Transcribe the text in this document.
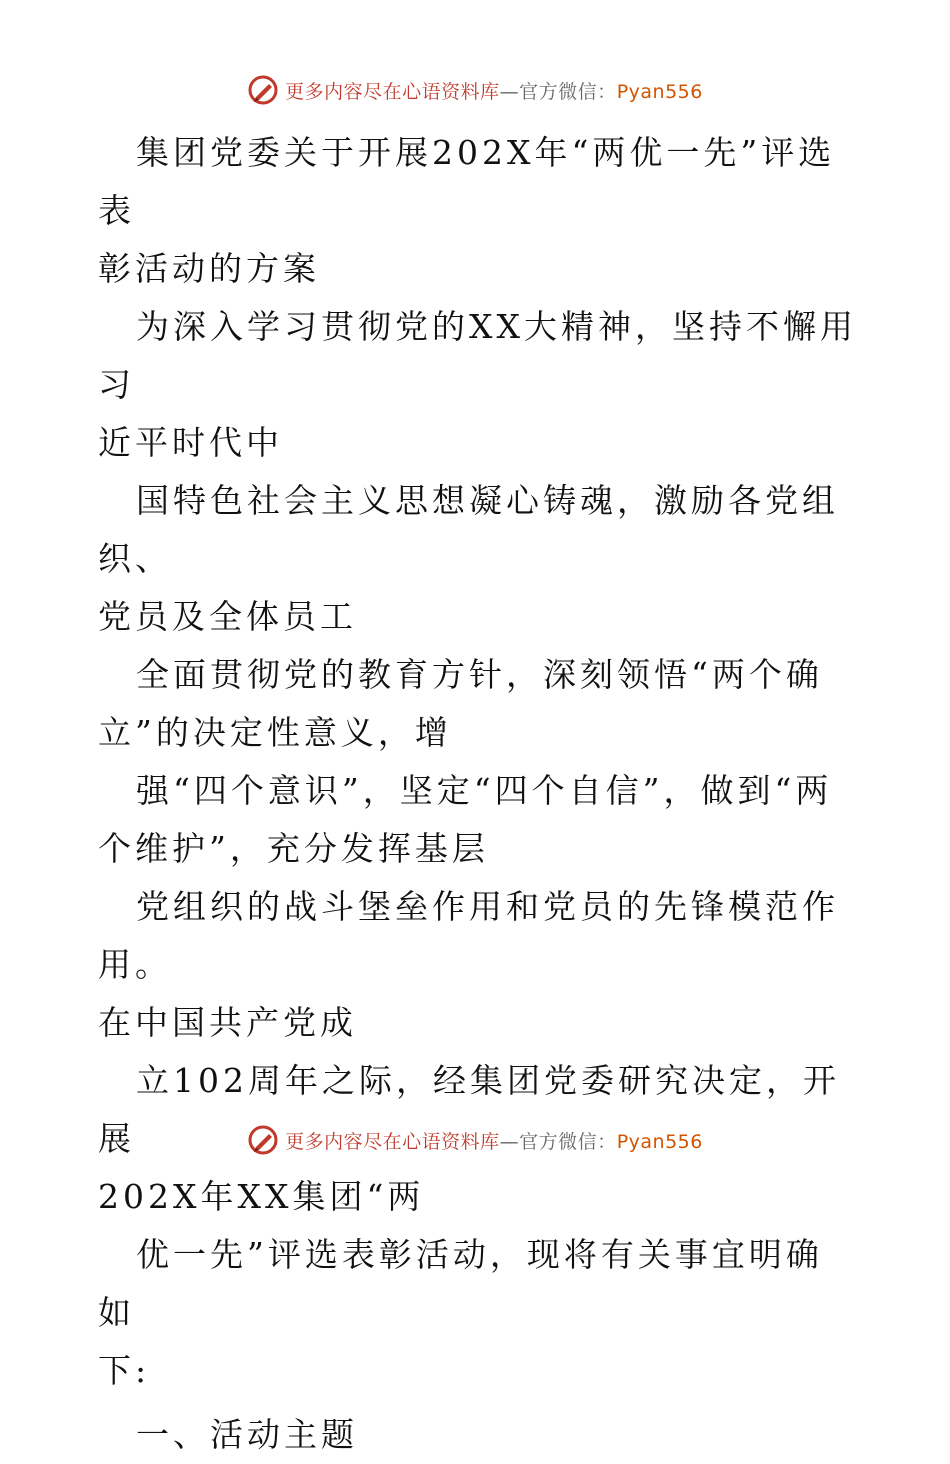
更多内容尽在心语资料库—官方微信：Pyan556

集团党委关于开展202X年“两优一先”评选表
彰活动的方案

为深入学习贯彻党的XX大精神，坚持不懈用习
近平时代中

国特色社会主义思想凝心铸魂，激励各党组织、
党员及全体员工

全面贯彻党的教育方针，深刻领悟“两个确
立”的决定性意义，增

强“四个意识”，坚定“四个自信”，做到“两
个维护”，充分发挥基层

党组织的战斗堡垒作用和党员的先锋模范作用。
在中国共产党成

立102周年之际，经集团党委研究决定，开展
202X年XX集团“两

优一先”评选表彰活动，现将有关事宜明确如
下:

一、活动主题
更多内容尽在心语资料库—官方微信：Pyan556
